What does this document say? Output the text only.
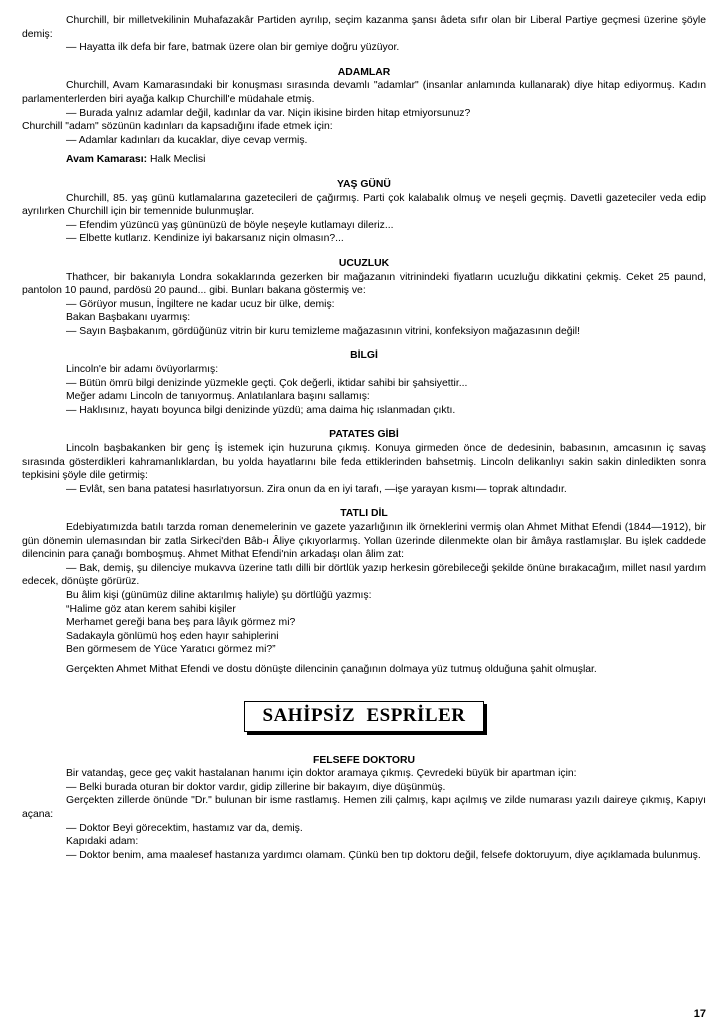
Churchill, bir milletvekilinin Muhafazakâr Partiden ayrılıp, seçim kazanma şansı âdeta sıfır olan bir Liberal Partiye geçmesi üzerine şöyle demiş:

— Hayatta ilk defa bir fare, batmak üzere olan bir gemiye doğru yüzüyor.
ADAMLAR

Churchill, Avam Kamarasındaki bir konuşması sırasında devamlı "adamlar" (insanlar anlamında kullanarak) diye hitap ediyormuş. Kadın parlamenterlerden biri ayağa kalkıp Churchill'e müdahale etmiş.

— Burada yalnız adamlar değil, kadınlar da var. Niçin ikisine birden hitap etmiyorsunuz?
Churchill "adam" sözünün kadınları da kapsadığını ifade etmek için:
— Adamlar kadınları da kucaklar, diye cevap vermiş.
Avam Kamarası: Halk Meclisi
YAŞ GÜNÜ

Churchill, 85. yaş günü kutlamalarına gazetecileri de çağırmış. Parti çok kalabalık olmuş ve neşeli geçmiş. Davetli gazeteciler veda edip ayrılırken Churchill için bir temennide bulunmuşlar.

— Efendim yüzüncü yaş gününüzü de böyle neşeyle kutlamayı dileriz...
— Elbette kutlarız. Kendinize iyi bakarsanız niçin olmasın?...
UCUZLUK

Thathcer, bir bakanıyla Londra sokaklarında gezerken bir mağazanın vitrinindeki fiyatların ucuzluğu dikkatini çekmiş. Ceket 25 paund, pantolon 10 paund, pardösü 20 paund... gibi. Bunları bakana göstermiş ve:

— Görüyor musun, İngiltere ne kadar ucuz bir ülke, demiş:
Bakan Başbakanı uyarmış:
— Sayın Başbakanım, gördüğünüz vitrin bir kuru temizleme mağazasının vitrini, konfeksiyon mağazasının değil!
BİLGİ
Lincoln'e bir adamı övüyorlarmış:
— Bütün ömrü bilgi denizinde yüzmekle geçti. Çok değerli, iktidar sahibi bir şahsiyettir...
Meğer adamı Lincoln de tanıyormuş. Anlatılanlara başını sallamış:
— Haklısınız, hayatı boyunca bilgi denizinde yüzdü; ama daima hiç ıslanmadan çıktı.
PATATES GİBİ

Lincoln başbakanken bir genç İş istemek için huzuruna çıkmış. Konuya girmeden önce de dedesinin, babasının, amcasının iç savaş sırasında gösterdikleri kahramanlıklardan, bu yolda hayatlarını bile feda ettiklerinden bahsetmiş. Lincoln delikanlıyı sakin sakin dinledikten sonra tepkisini şöyle dile getirmiş:

— Evlât, sen bana patatesi hasırlatıyorsun. Zira onun da en iyi tarafı, —işe yarayan kısmı— toprak altındadır.
TATLI DİL

Edebiyatımızda batılı tarzda roman denemelerinin ve gazete yazarlığının ilk örneklerini vermiş olan Ahmet Mithat Efendi (1844—1912), bir gün dönemin ulemasından bir zatla Sirkeci'den Bâb-ı Âliye çıkıyorlarmış. Yollan üzerinde dilenmekte olan bir âmâya rastlamışlar. Bu işlek caddede dilencinin para çanağı bomboşmuş. Ahmet Mithat Efendi'nin arkadaşı olan âlim zat:

— Bak, demiş, şu dilenciye mukavva üzerine tatlı dilli bir dörtlük yazıp herkesin görebileceği şekilde önüne bırakacağım, millet nasıl yardım edecek, dönüşte görürüz.

Bu âlim kişi (günümüz diline aktarılmış haliyle) şu dörtlüğü yazmış:
“Halime göz atan kerem sahibi kişiler
Merhamet gereği bana beş para lâyık görmez mi?
Sadakayla gönlümü hoş eden hayır sahiplerini
Ben görmesem de Yüce Yaratıcı görmez mi?”
Gerçekten Ahmet Mithat Efendi ve dostu dönüşte dilencinin çanağının dolmaya yüz tutmuş olduğuna şahit olmuşlar.
SAHİPSİZ ESPRİLER
FELSEFE DOKTORU
Bir vatandaş, gece geç vakit hastalanan hanımı için doktor aramaya çıkmış. Çevredeki büyük bir apartman için:
— Belki burada oturan bir doktor vardır, gidip zillerine bir bakayım, diye düşünmüş.

Gerçekten zillerde önünde "Dr." bulunan bir isme rastlamış. Hemen zili çalmış, kapı açılmış ve zilde numarası yazılı daireye çıkmış, Kapıyı açana:

— Doktor Beyi görecektim, hastamız var da, demiş.
Kapıdaki adam:

— Doktor benim, ama maalesef hastanıza yardımcı olamam. Çünkü ben tıp doktoru değil, felsefe doktoruyum, diye açıklamada bulunmuş.

17
